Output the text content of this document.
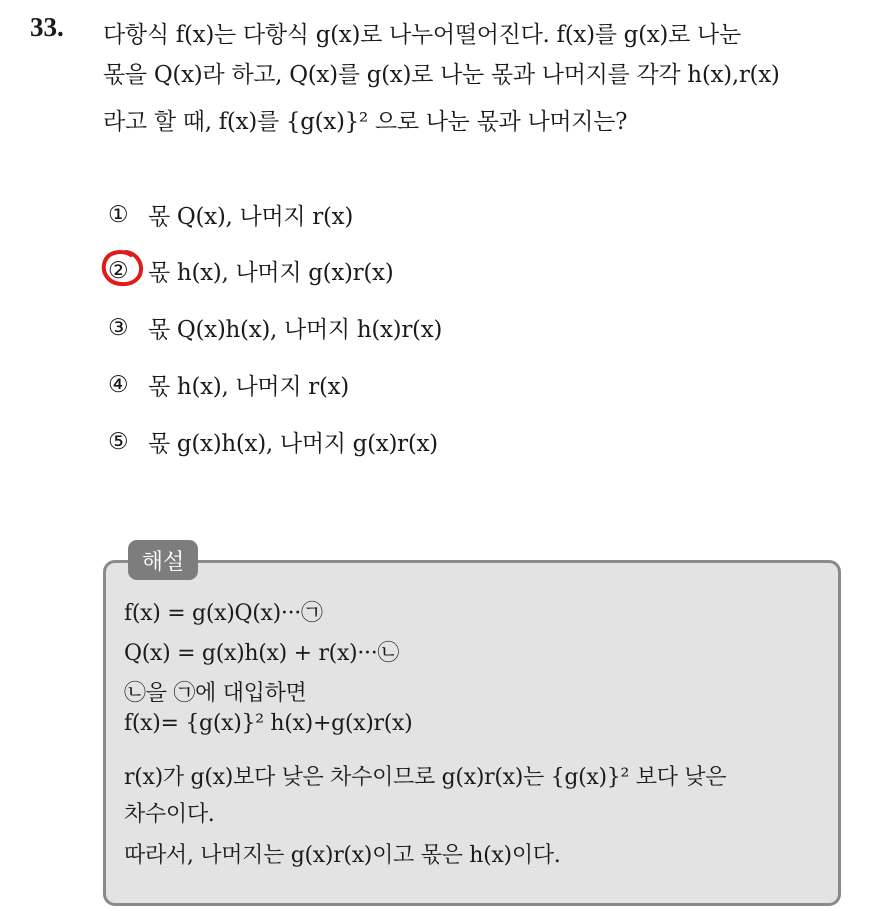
33. 다항식 f(x)는 다항식 g(x)로 나누어떨어진다. f(x)를 g(x)로 나눈
몫을 Q(x)라 하고, Q(x)를 g(x)로 나눈 몫과 나머지를 각각 h(x),r(x)
라고 할 때, f(x)를 {g(x)}² 으로 나눈 몫과 나머지는?
① 몫 Q(x), 나머지 r(x)
② 몫 h(x), 나머지 g(x)r(x)
③ 몫 Q(x)h(x), 나머지 h(x)r(x)
④ 몫 h(x), 나머지 r(x)
⑤ 몫 g(x)h(x), 나머지 g(x)r(x)
해설
f(x) = g(x)Q(x)···㉠
Q(x) = g(x)h(x) + r(x)···㉡
㉡을 ㉠에 대입하면
f(x)= {g(x)}² h(x)+g(x)r(x)
r(x)가 g(x)보다 낮은 차수이므로 g(x)r(x)는 {g(x)}² 보다 낮은
차수이다.
따라서, 나머지는 g(x)r(x)이고 몫은 h(x)이다.
